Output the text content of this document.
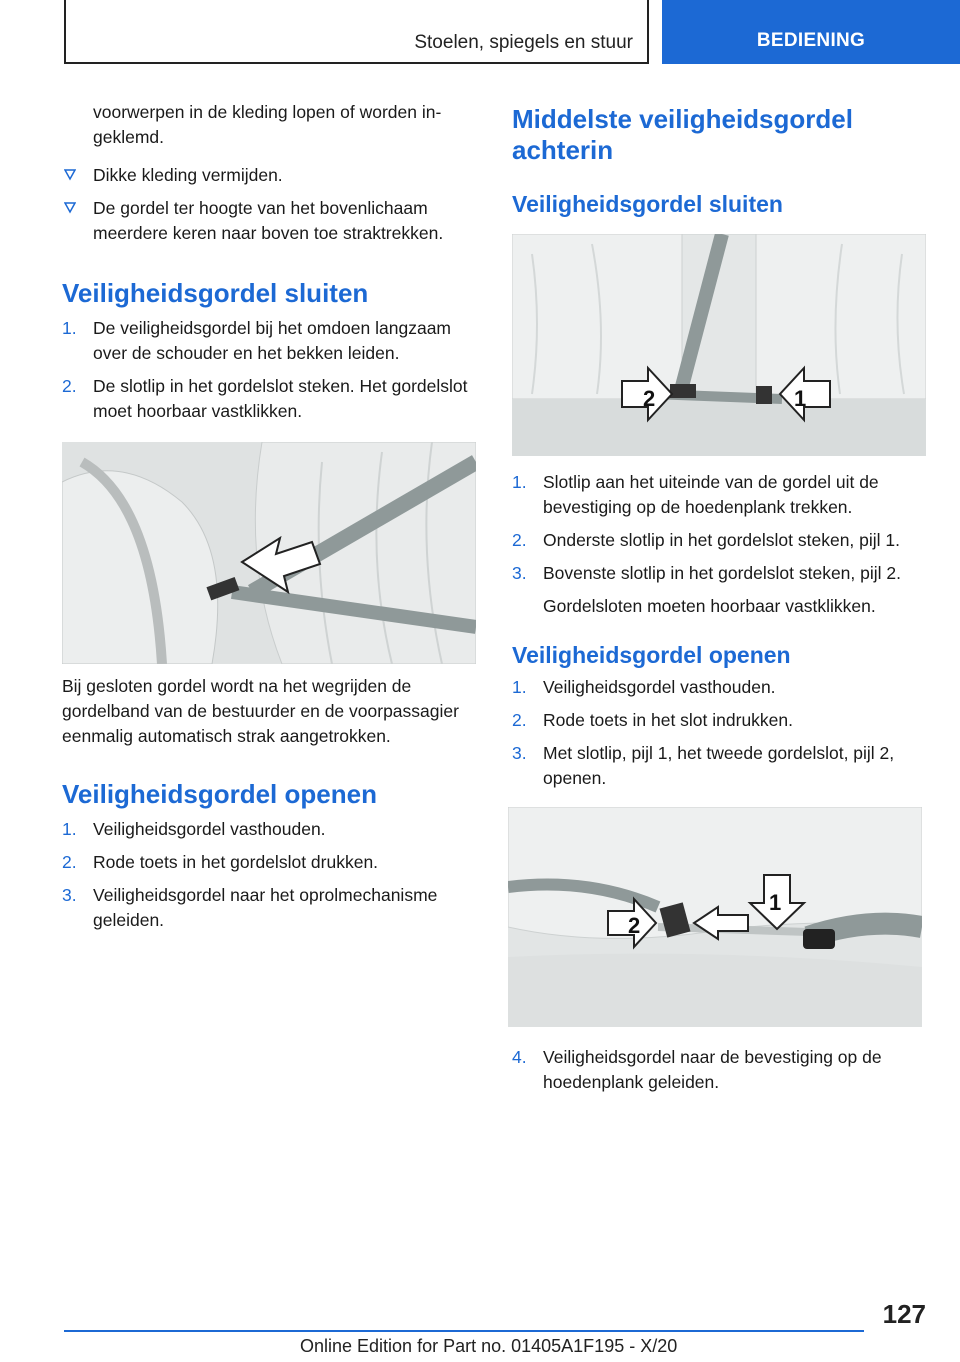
Stoelen, spiegels en stuur	BEDIENING

voorwerpen in de kleding lopen of worden ingeklemd.

Dikke kleding vermijden.
De gordel ter hoogte van het bovenlichaam meerdere keren naar boven toe straktrekken.
Veiligheidsgordel sluiten
1. De veiligheidsgordel bij het omdoen langzaam over de schouder en het bekken leiden.
2. De slotlip in het gordelslot steken. Het gordelslot moet hoorbaar vastklikken.

Bij gesloten gordel wordt na het wegrijden de gordelband van de bestuurder en de voorpassagier eenmalig automatisch strak aangetrokken.

Veiligheidsgordel openen
1. Veiligheidsgordel vasthouden.
2. Rode toets in het gordelslot drukken.
3. Veiligheidsgordel naar het oprolmechanisme geleiden.
Middelste veiligheidsgordel achterin
Veiligheidsgordel sluiten
2	1
1. Slotlip aan het uiteinde van de gordel uit de bevestiging op de hoedenplank trekken.
2. Onderste slotlip in het gordelslot steken, pijl 1.
3. Bovenste slotlip in het gordelslot steken, pijl 2.

Gordelsloten moeten hoorbaar vastklikken.

Veiligheidsgordel openen
1. Veiligheidsgordel vasthouden.
2. Rode toets in het slot indrukken.
3. Met slotlip, pijl 1, het tweede gordelslot, pijl 2, openen.
2
1
4. Veiligheidsgordel naar de bevestiging op de hoedenplank geleiden.
127
Online Edition for Part no. 01405A1F195 - X/20
